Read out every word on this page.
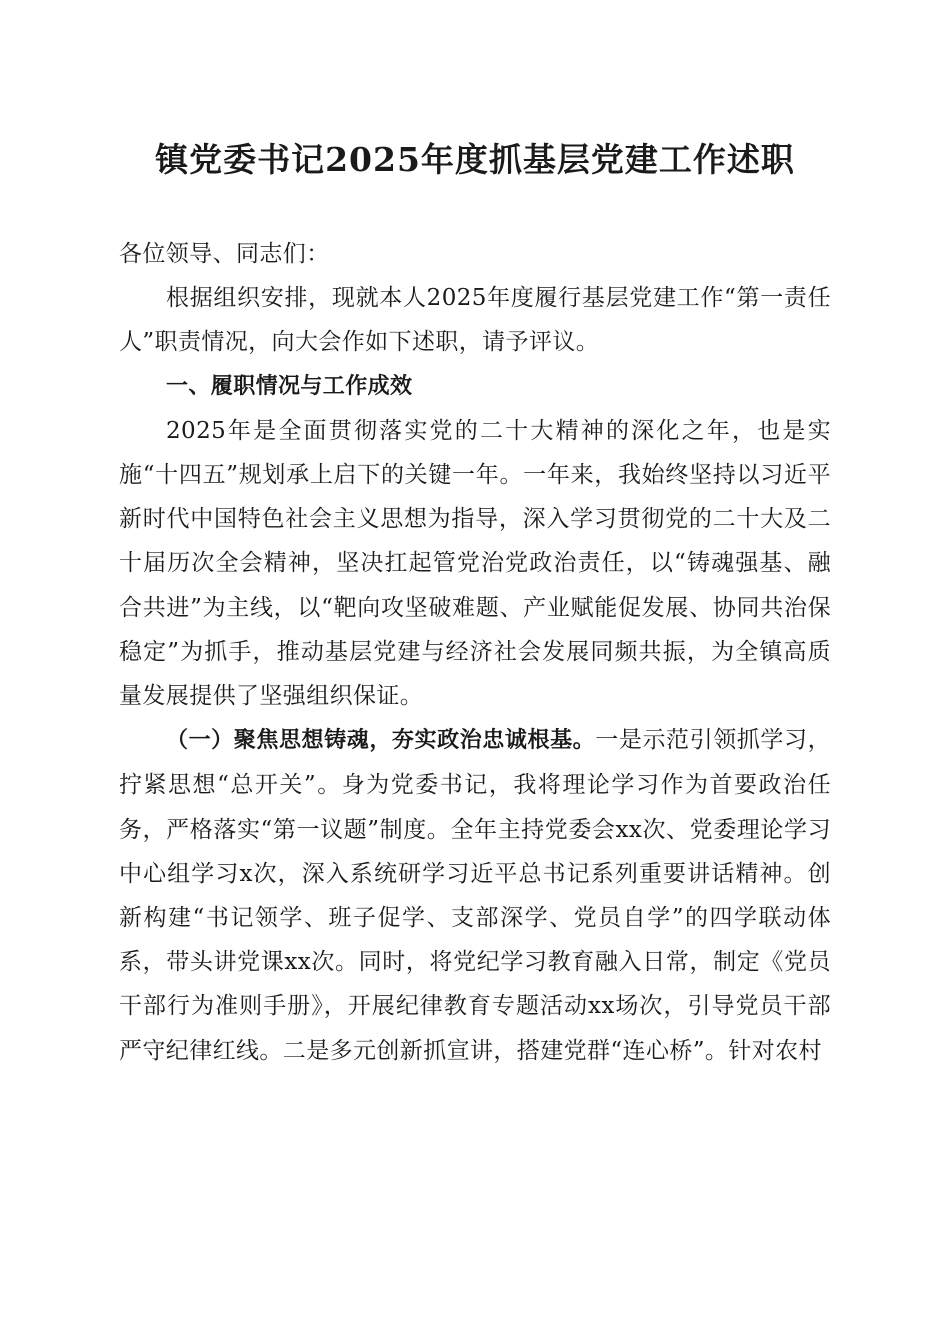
镇党委书记2025年度抓基层党建工作述职

各位领导、同志们：

根据组织安排，现就本人2025年度履行基层党建工作“第一责任人”职责情况，向大会作如下述职，请予评议。

一、履职情况与工作成效

2025年是全面贯彻落实党的二十大精神的深化之年，也是实施“十四五”规划承上启下的关键一年。一年来，我始终坚持以习近平新时代中国特色社会主义思想为指导，深入学习贯彻党的二十大及二十届历次全会精神，坚决扛起管党治党政治责任，以“铸魂强基、融合共进”为主线，以“靶向攻坚破难题、产业赋能促发展、协同共治保稳定”为抓手，推动基层党建与经济社会发展同频共振，为全镇高质量发展提供了坚强组织保证。

（一）聚焦思想铸魂，夯实政治忠诚根基。一是示范引领抓学习，拧紧思想“总开关”。身为党委书记，我将理论学习作为首要政治任务，严格落实“第一议题”制度。全年主持党委会xx次、党委理论学习中心组学习x次，深入系统研学习近平总书记系列重要讲话精神。创新构建“书记领学、班子促学、支部深学、党员自学”的四学联动体系，带头讲党课xx次。同时，将党纪学习教育融入日常，制定《党员干部行为准则手册》，开展纪律教育专题活动xx场次，引导党员干部严守纪律红线。二是多元创新抓宣讲，搭建党群“连心桥”。针对农村
